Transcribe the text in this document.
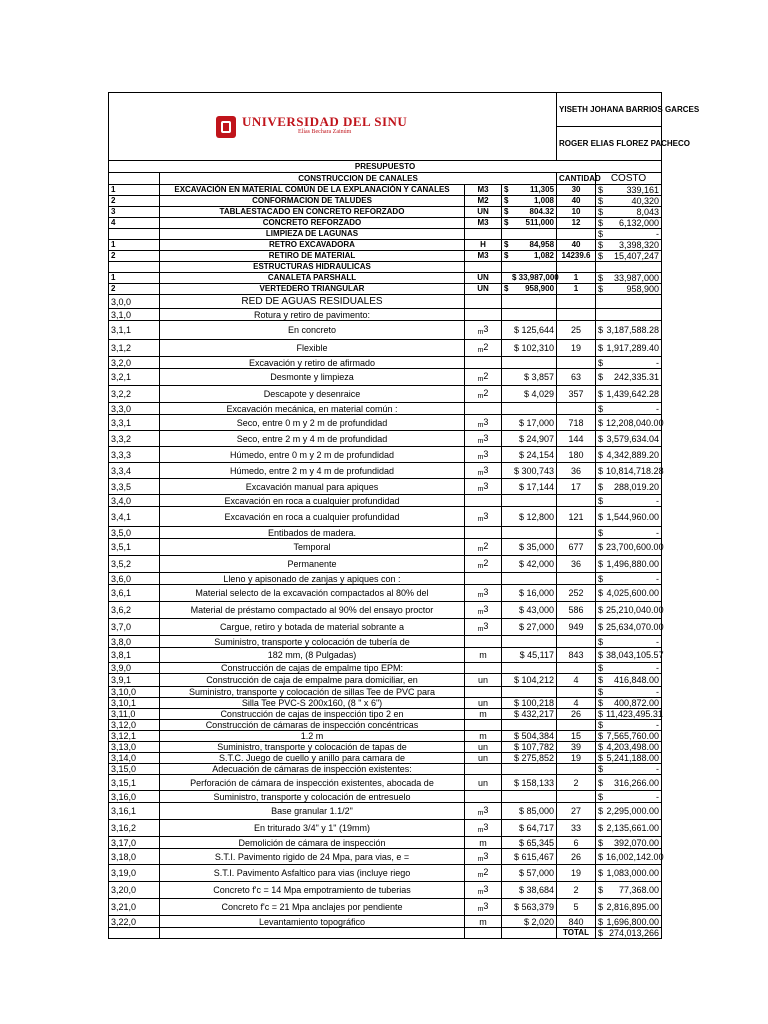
UNIVERSIDAD DEL SINU
Elías Bechara Zainúm				YISETH JOHANA BARRIOS GARCES	
				ROGER ELIAS FLOREZ PACHECO	
PRESUPUESTO					
	CONSTRUCCION DE CANALES			CANTIDAD	COSTO
1	EXCAVACIÓN EN MATERIAL COMÚN DE LA EXPLANACIÓN Y CANALES	M3	$ 11,305	30	$ 339,161
2	CONFORMACION DE TALUDES	M2	$ 1,008	40	$ 40,320
3	TABLAESTACADO EN CONCRETO REFORZADO	UN	$ 804.32	10	$ 8,043
4	CONCRETO REFORZADO	M3	$ 511,000	12	$ 6,132,000
	LIMPIEZA DE LAGUNAS				$ -
1	RETRO EXCAVADORA	H	$ 84,958	40	$ 3,398,320
2	RETIRO DE MATERIAL	M3	$ 1,082	14239.6	$ 15,407,247
	ESTRUCTURAS HIDRAULICAS				
1	CANALETA PARSHALL	UN	$ 33,987,000	1	$ 33,987,000
2	VERTEDERO TRIANGULAR	UN	$ 958,900	1	$ 958,900
3,0,0	RED DE AGUAS RESIDUALES				

3,1,0	Rotura y retiro de pavimento:				

3,1,1	En concreto	$_m$3	$ 125,644	25	$ 3,187,588.28
3,1,2	Flexible	$_m$2	$ 102,310	19	$ 1,917,289.40
3,2,0	Excavación y retiro de afirmado				$ -
3,2,1	Desmonte y limpieza	$_m$2	$ 3,857	63	$ 242,335.31
3,2,2	Descapote y desenraice	$_m$2	$ 4,029	357	$ 1,439,642.28
3,3,0	Excavación mecánica, en material común :				$ -
3,3,1	Seco, entre 0 m y 2 m de profundidad	$_m$3	$ 17,000	718	$ 12,208,040.00
3,3,2	Seco, entre 2 m y 4 m de profundidad	$_m$3	$ 24,907	144	$ 3,579,634.04
3,3,3	Húmedo, entre 0 m y 2 m de profundidad	$_m$3	$ 24,154	180	$ 4,342,889.20
3,3,4	Húmedo, entre 2 m y 4 m de profundidad	$_m$3	$ 300,743	36	$ 10,814,718.28
3,3,5	Excavación manual para apiques	$_m$3	$ 17,144	17	$ 288,019.20
3,4,0	Excavación en roca a cualquier profundidad				$ -
3,4,1	Excavación en roca a cualquier profundidad	$_m$3	$ 12,800	121	$ 1,544,960.00
3,5,0	Entibados de madera.				$ -
3,5,1	Temporal	$_m$2	$ 35,000	677	$ 23,700,600.00
3,5,2	Permanente	$_m$2	$ 42,000	36	$ 1,496,880.00
3,6,0	Lleno y apisonado de zanjas y apiques con :				$ -
3,6,1	Material selecto de la excavación compactados al 80% del	$_m$3	$ 16,000	252	$ 4,025,600.00
3,6,2	Material de préstamo compactado al 90% del ensayo proctor	$_m$3	$ 43,000	586	$ 25,210,040.00
3,7,0	Cargue, retiro y botada de material sobrante a	$_m$3	$ 27,000	949	$ 25,634,070.00
3,8,0	Suministro, transporte y colocación de tubería de				$ -
3,8,1	182 mm, (8 Pulgadas)	m	$ 45,117	843	$ 38,043,105.57
3,9,0	Construcción de cajas de empalme tipo EPM:				$ -
3,9,1	Construcción de caja de empalme para domiciliar, en	un	$ 104,212	4	$ 416,848.00
3,10,0	Suministro, transporte y colocación de sillas Tee de PVC para				$ -
3,10,1	Silla Tee PVC-S 200x160, (8 " x 6")	un	$ 100,218	4	$ 400,872.00
3,11,0	Construcción de cajas de inspección tipo 2 en	m	$ 432,217	26	$ 11,423,495.31
3,12,0	Construcción de cámaras de inspección concéntricas				$ -
3,12,1	1.2 m	m	$ 504,384	15	$ 7,565,760.00
3,13,0	Suministro, transporte y colocación de tapas de	un	$ 107,782	39	$ 4,203,498.00
3,14,0	S.T.C. Juego de cuello y anillo para camara de	un	$ 275,852	19	$ 5,241,188.00
3,15,0	Adecuación de cámaras de inspección existentes:				$ -
3,15,1	Perforación de cámara de inspección existentes, abocada de	un	$ 158,133	2	$ 316,266.00
3,16,0	Suministro, transporte y colocación de entresuelo				$ -
3,16,1	Base granular 1.1/2"	$_m$3	$ 85,000	27	$ 2,295,000.00
3,16,2	En triturado 3/4" y 1" (19mm)	$_m$3	$ 64,717	33	$ 2,135,661.00
3,17,0	Demolición de cámara de inspección	m	$ 65,345	6	$ 392,070.00
3,18,0	S.T.I. Pavimento rigido de 24 Mpa, para vias, e =	$_m$3	$ 615,467	26	$ 16,002,142.00
3,19,0	S.T.I. Pavimento Asfaltico para vias (incluye riego	$_m$2	$ 57,000	19	$ 1,083,000.00
3,20,0	Concreto f'c = 14 Mpa empotramiento de tuberias	$_m$3	$ 38,684	2	$ 77,368.00
3,21,0	Concreto f'c = 21 Mpa anclajes por pendiente	$_m$3	$ 563,379	5	$ 2,816,895.00
3,22,0	Levantamiento topográfico	m	$ 2,020	840	$ 1,696,800.00
				TOTAL	$ 274,013,266
